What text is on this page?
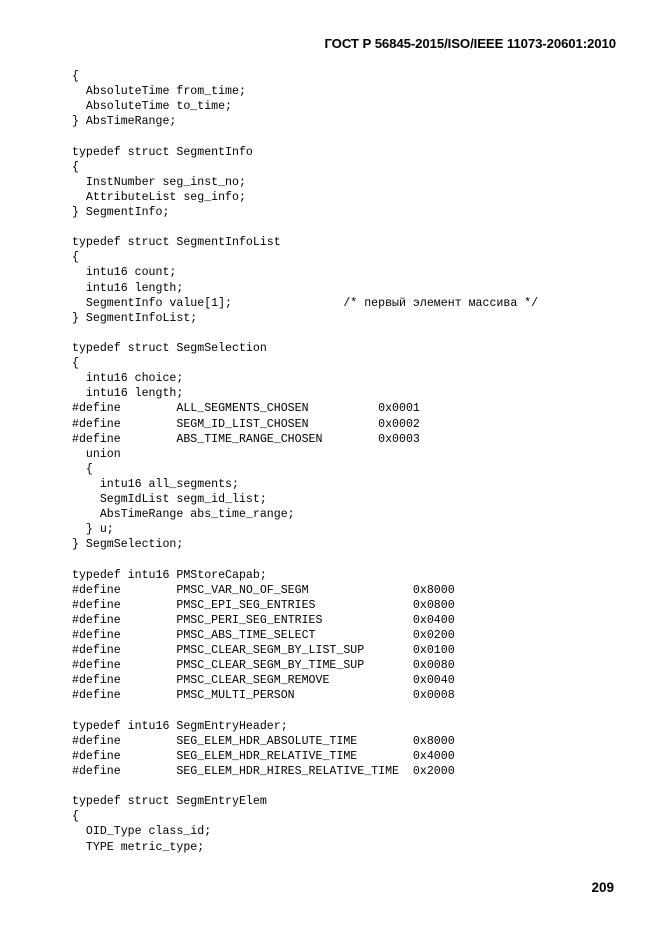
ГОСТ Р 56845-2015/ISO/IEEE 11073-20601:2010
{
AbsoluteTime from_time;
AbsoluteTime to_time;
} AbsTimeRange;
typedef struct SegmentInfo
{
InstNumber seg_inst_no;
AttributeList seg_info;
} SegmentInfo;
typedef struct SegmentInfoList
{
intu16 count;
intu16 length;
SegmentInfo value[1];                /* первый элемент массива */
} SegmentInfoList;
typedef struct SegmSelection
{
intu16 choice;
intu16 length;
#define        ALL_SEGMENTS_CHOSEN          0x0001
#define        SEGM_ID_LIST_CHOSEN          0x0002
#define        ABS_TIME_RANGE_CHOSEN        0x0003
union
{
intu16 all_segments;
SegmIdList segm_id_list;
AbsTimeRange abs_time_range;
} u;
} SegmSelection;
typedef intu16 PMStoreCapab;
#define        PMSC_VAR_NO_OF_SEGM               0x8000
#define        PMSC_EPI_SEG_ENTRIES              0x0800
#define        PMSC_PERI_SEG_ENTRIES             0x0400
#define        PMSC_ABS_TIME_SELECT              0x0200
#define        PMSC_CLEAR_SEGM_BY_LIST_SUP       0x0100
#define        PMSC_CLEAR_SEGM_BY_TIME_SUP       0x0080
#define        PMSC_CLEAR_SEGM_REMOVE            0x0040
#define        PMSC_MULTI_PERSON                 0x0008
typedef intu16 SegmEntryHeader;
#define        SEG_ELEM_HDR_ABSOLUTE_TIME        0x8000
#define        SEG_ELEM_HDR_RELATIVE_TIME        0x4000
#define        SEG_ELEM_HDR_HIRES_RELATIVE_TIME  0x2000
typedef struct SegmEntryElem
{
OID_Type class_id;
TYPE metric_type;
209
